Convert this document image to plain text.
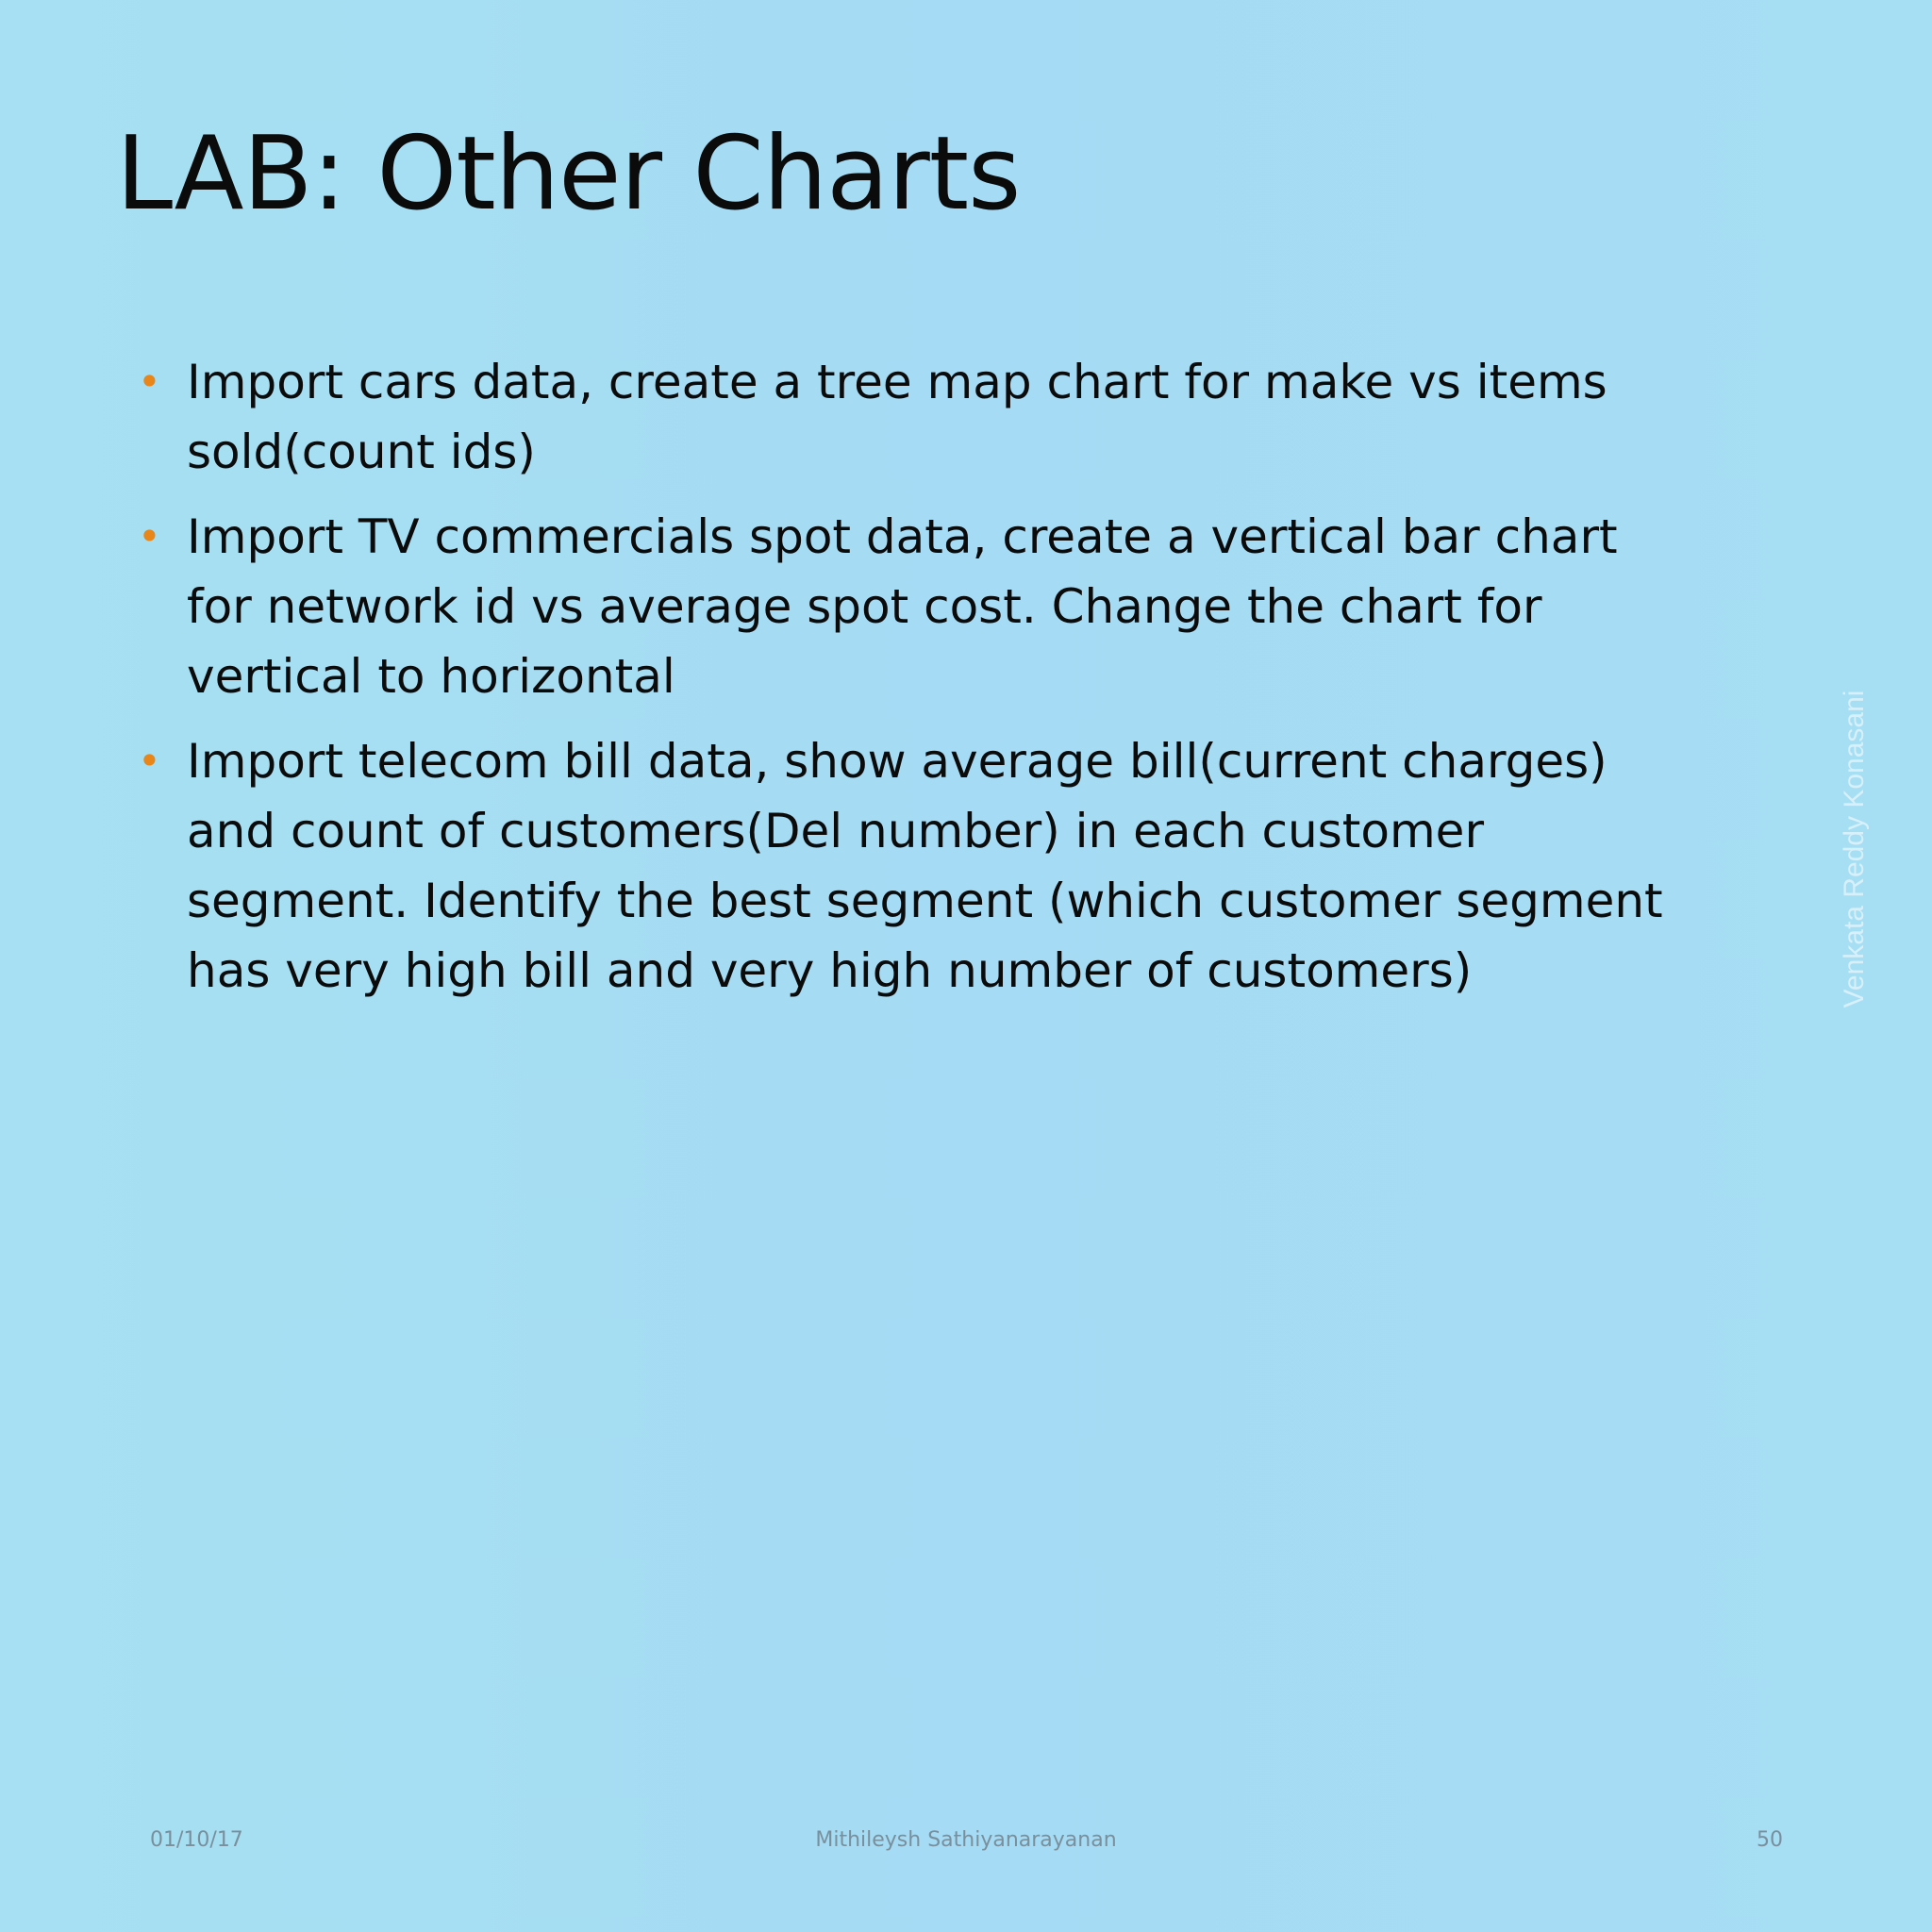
LAB: Other Charts
• Import cars data, create a tree map chart for make vs items sold(count ids)
• Import TV commercials spot data, create a vertical bar chart for network id vs average spot cost. Change the chart for vertical to horizontal
• Import telecom bill data, show average bill(current charges) and count of customers(Del number) in each customer segment. Identify the best segment (which customer segment has very high bill and very high number of customers)	Venkata Reddy Konasani
01/10/17	Mithileysh Sathiyanarayanan	50
